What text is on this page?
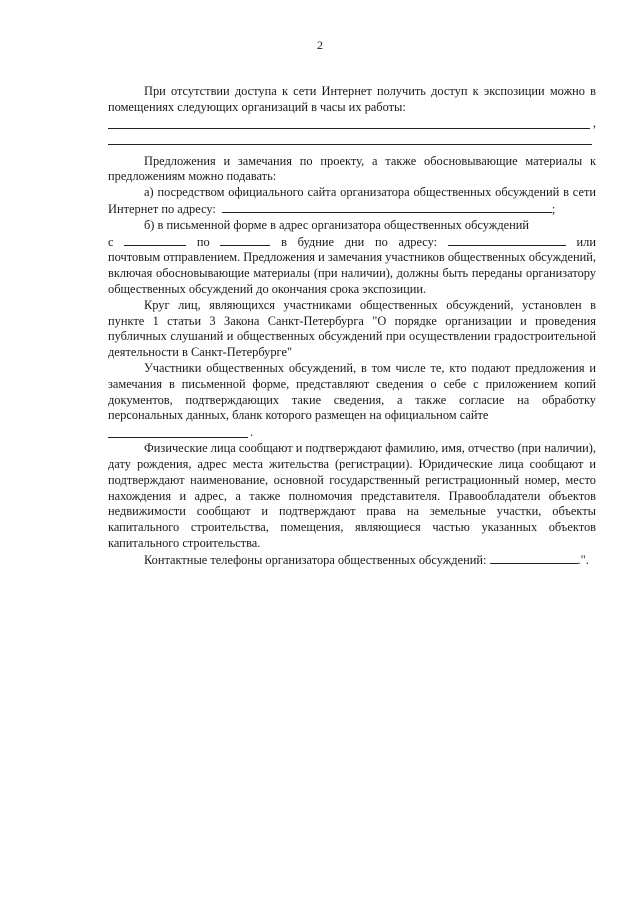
2

При отсутствии доступа к сети Интернет получить доступ к экспозиции можно в помещениях следующих организаций в часы их работы:

,

Предложения и замечания по проекту, а также обосновывающие материалы к предложениям можно подавать:

а) посредством официального сайта организатора общественных обсуждений в сети Интернет по адресу:	;

б) в письменной форме в адрес организатора общественных обсуждений

с	по	в будние дни по адресу:	или

почтовым отправлением. Предложения и замечания участников общественных обсуждений, включая обосновывающие материалы (при наличии), должны быть переданы организатору общественных обсуждений до окончания срока экспозиции.

Круг лиц, являющихся участниками общественных обсуждений, установлен в пункте 1 статьи 3 Закона Санкт-Петербурга "О порядке организации и проведения публичных слушаний и общественных обсуждений при осуществлении градостроительной деятельности в Санкт-Петербурге"

Участники общественных обсуждений, в том числе те, кто подают предложения и замечания в письменной форме, представляют сведения о себе с приложением копий документов, подтверждающих такие сведения, а также согласие на обработку персональных данных, бланк которого размещен на официальном сайте

.

Физические лица сообщают и подтверждают фамилию, имя, отчество (при наличии), дату рождения, адрес места жительства (регистрации). Юридические лица сообщают и подтверждают наименование, основной государственный регистрационный номер, место нахождения и адрес, а также полномочия представителя. Правообладатели объектов недвижимости сообщают и подтверждают права на земельные участки, объекты капитального строительства, помещения, являющиеся частью указанных объектов капитального строительства.

Контактные телефоны организатора общественных обсуждений:	.".
